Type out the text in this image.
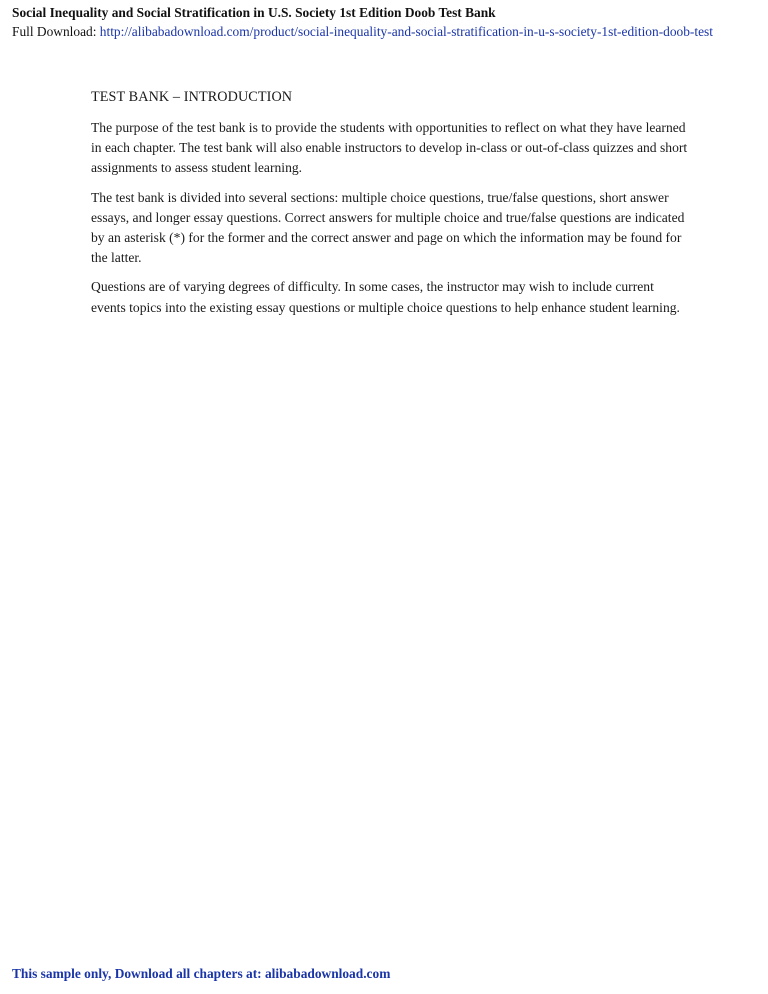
Social Inequality and Social Stratification in U.S. Society 1st Edition Doob Test Bank
Full Download: http://alibabadownload.com/product/social-inequality-and-social-stratification-in-u-s-society-1st-edition-doob-test
TEST BANK – INTRODUCTION

The purpose of the test bank is to provide the students with opportunities to reflect on what they have learned in each chapter. The test bank will also enable instructors to develop in-class or out-of-class quizzes and short assignments to assess student learning.

The test bank is divided into several sections: multiple choice questions, true/false questions, short answer essays, and longer essay questions. Correct answers for multiple choice and true/false questions are indicated by an asterisk (*) for the former and the correct answer and page on which the information may be found for the latter.

Questions are of varying degrees of difficulty. In some cases, the instructor may wish to include current events topics into the existing essay questions or multiple choice questions to help enhance student learning.

This sample only, Download all chapters at: alibabadownload.com
